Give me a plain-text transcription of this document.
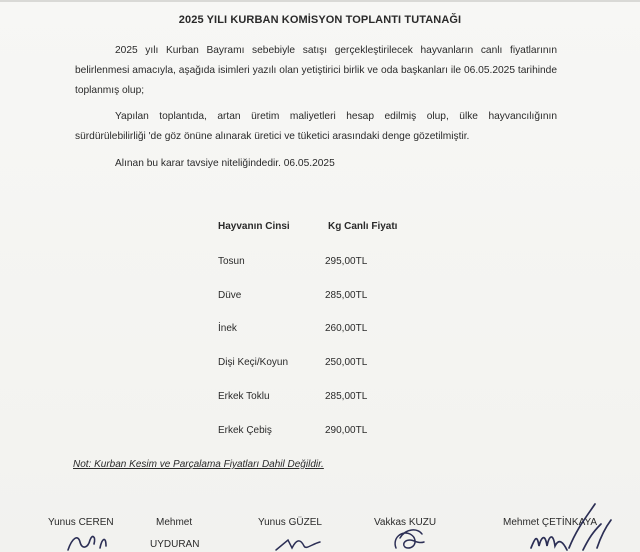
2025 YILI KURBAN KOMİSYON TOPLANTI TUTANAĞI
2025 yılı Kurban Bayramı sebebiyle satışı gerçekleştirilecek hayvanların canlı fiyatlarının belirlenmesi amacıyla, aşağıda isimleri yazılı olan yetiştirici birlik ve oda başkanları ile 06.05.2025 tarihinde toplanmış olup;
Yapılan toplantıda, artan üretim maliyetleri hesap edilmiş olup, ülke hayvancılığının sürdürülebilirliği 'de göz önüne alınarak üretici ve tüketici arasındaki denge gözetilmiştir.
Alınan bu karar tavsiye niteliğindedir. 06.05.2025
Hayvanın Cinsi	Kg Canlı Fiyatı
Tosun	295,00TL
Düve	285,00TL
İnek	260,00TL
Dişi Keçi/Koyun	250,00TL
Erkek Toklu	285,00TL
Erkek Çebiş	290,00TL
Not: Kurban Kesim ve Parçalama Fiyatları Dahil Değildir.
Yunus CEREN	Mehmet
UYDURAN
Yunus GÜZEL	Vakkas KUZU	Mehmet ÇETİNKAYA
